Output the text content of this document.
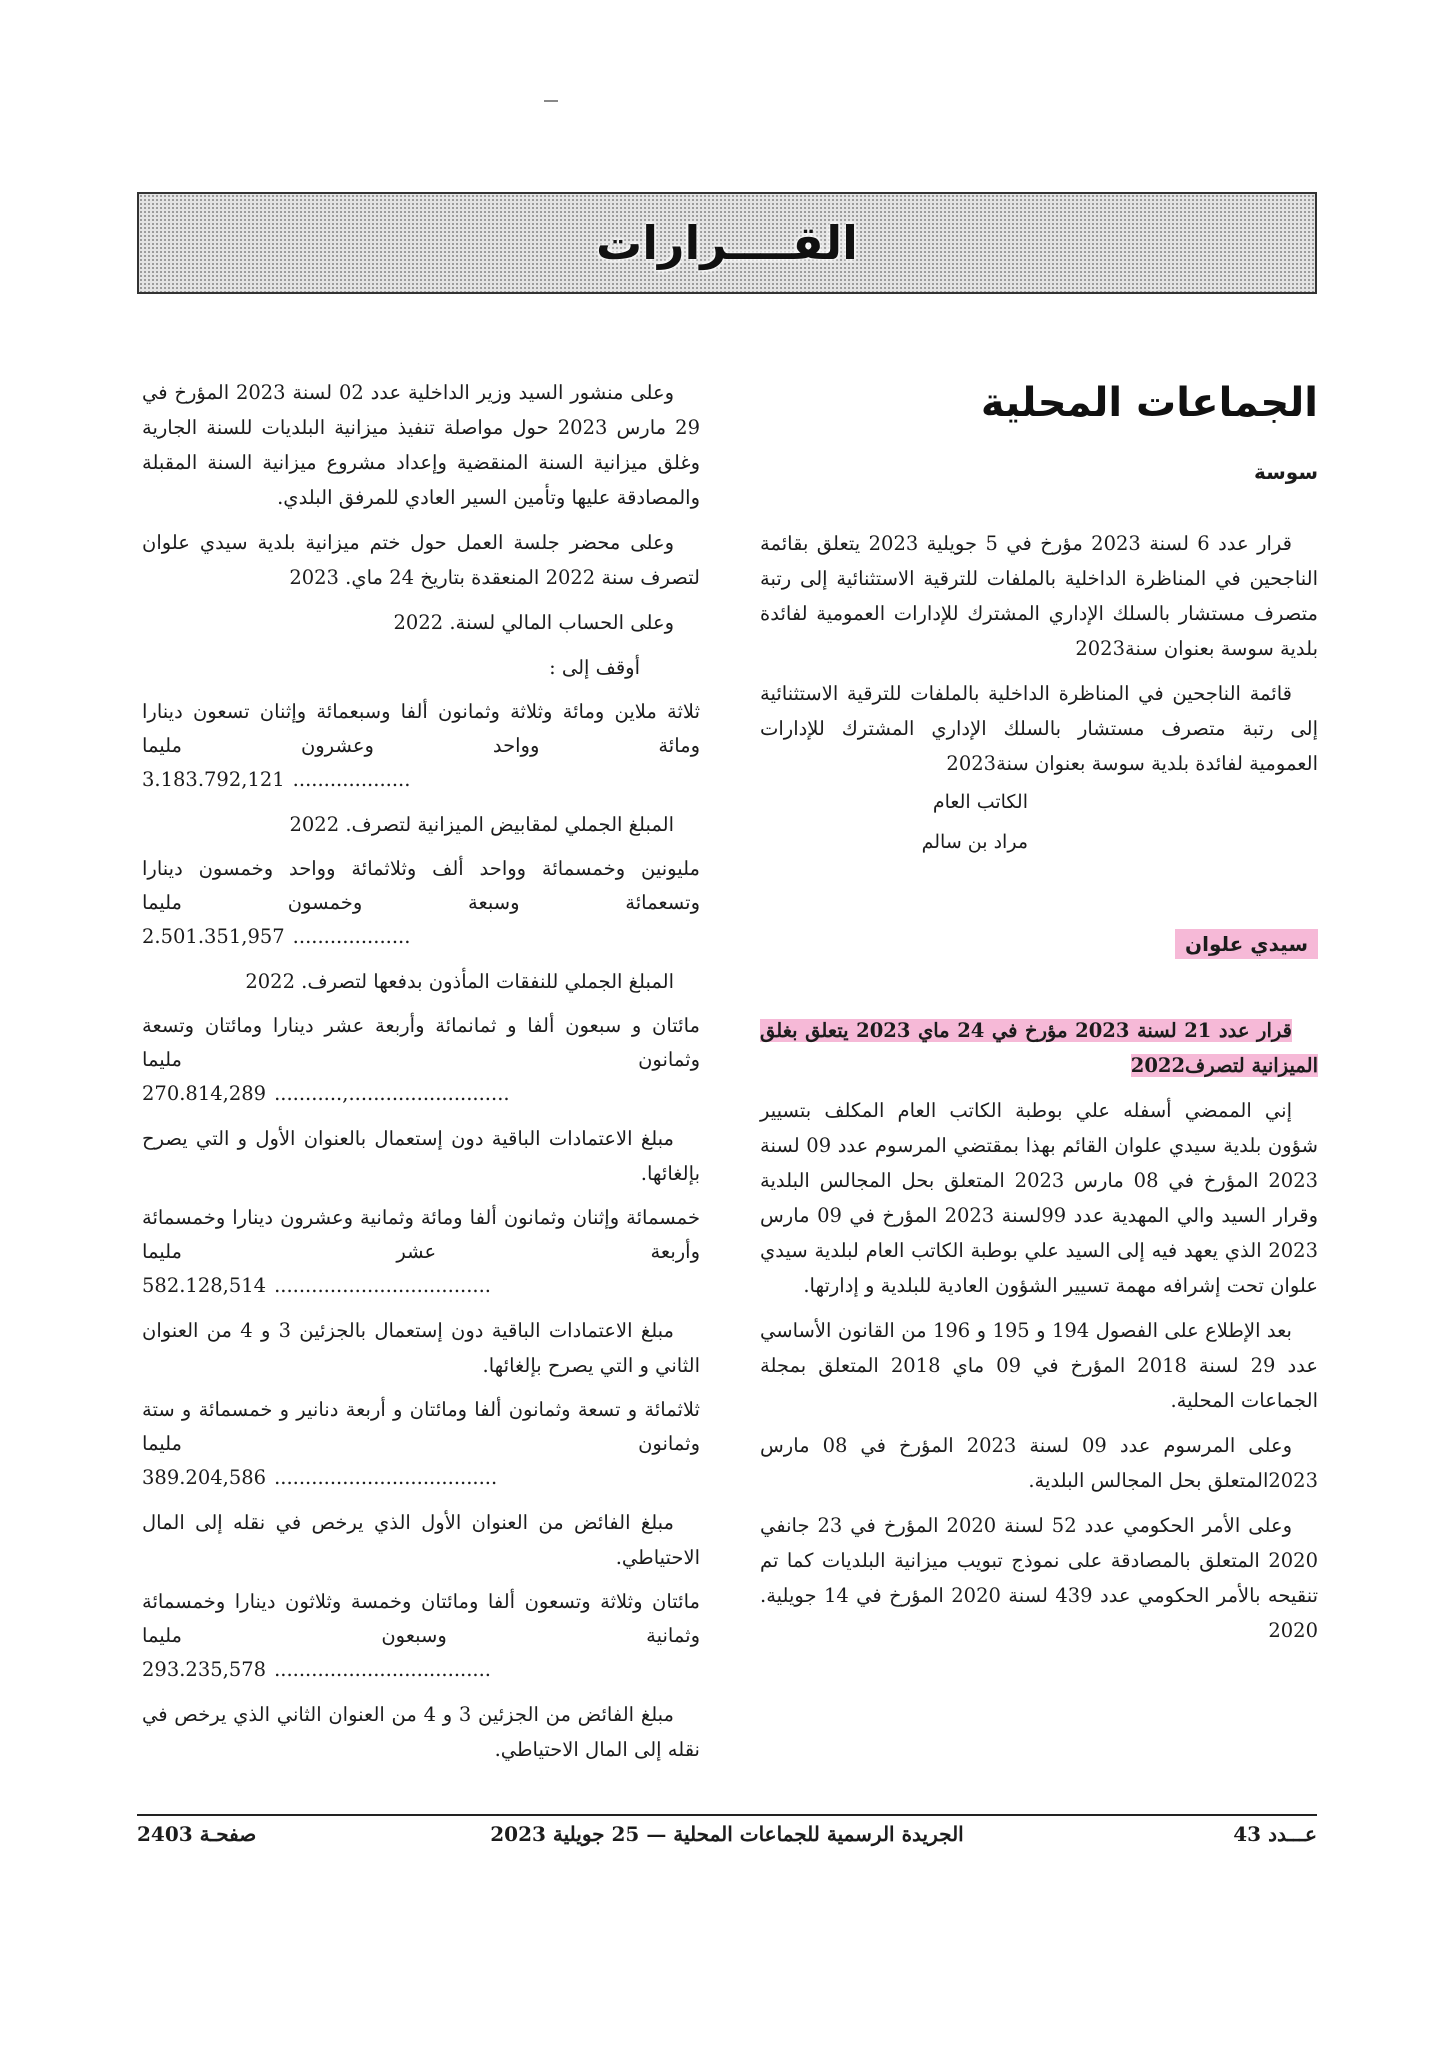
القــــرارات
الجماعات المحلية
سوسة

قرار عدد 6 لسنة 2023 مؤرخ في 5 جويلية 2023 يتعلق بقائمة الناجحين في المناظرة الداخلية بالملفات للترقية الاستثنائية إلى رتبة متصرف مستشار بالسلك الإداري المشترك للإدارات العمومية لفائدة بلدية سوسة بعنوان سنة2023

قائمة الناجحين في المناظرة الداخلية بالملفات للترقية الاستثنائية إلى رتبة متصرف مستشار بالسلك الإداري المشترك للإدارات العمومية لفائدة بلدية سوسة بعنوان سنة2023

الكاتب العام

مراد بن سالم

سيدي علوان

قرار عدد 21 لسنة 2023 مؤرخ في 24 ماي 2023 يتعلق بغلق الميزانية لتصرف2022

إني الممضي أسفله علي بوطبة الكاتب العام المكلف بتسيير شؤون بلدية سيدي علوان القائم بهذا بمقتضي المرسوم عدد 09 لسنة 2023 المؤرخ في 08 مارس 2023 المتعلق بحل المجالس البلدية وقرار السيد والي المهدية عدد 99لسنة 2023 المؤرخ في 09 مارس 2023 الذي يعهد فيه إلى السيد علي بوطبة الكاتب العام لبلدية سيدي علوان تحت إشرافه مهمة تسيير الشؤون العادية للبلدية و إدارتها.

بعد الإطلاع على الفصول 194 و 195 و 196 من القانون الأساسي عدد 29 لسنة 2018 المؤرخ في 09 ماي 2018 المتعلق بمجلة الجماعات المحلية.

وعلى المرسوم عدد 09 لسنة 2023 المؤرخ في 08 مارس 2023المتعلق بحل المجالس البلدية.

وعلى الأمر الحكومي عدد 52 لسنة 2020 المؤرخ في 23 جانفي 2020 المتعلق بالمصادقة على نموذج تبويب ميزانية البلديات كما تم تنقيحه بالأمر الحكومي عدد 439 لسنة 2020 المؤرخ في 14 جويلية. 2020

وعلى منشور السيد وزير الداخلية عدد 02 لسنة 2023 المؤرخ في 29 مارس 2023 حول مواصلة تنفيذ ميزانية البلديات للسنة الجارية وغلق ميزانية السنة المنقضية وإعداد مشروع ميزانية السنة المقبلة والمصادقة عليها وتأمين السير العادي للمرفق البلدي.

وعلى محضر جلسة العمل حول ختم ميزانية بلدية سيدي علوان لتصرف سنة 2022 المنعقدة بتاريخ 24 ماي. 2023

وعلى الحساب المالي لسنة. 2022

أوقف إلى :

ثلاثة ملاين ومائة وثلاثة وثمانون ألفا وسبعمائة وإثنان تسعون دينارا ومائة وواحد وعشرون مليما

3.183.792,121 ...................

المبلغ الجملي لمقابيض الميزانية لتصرف. 2022

مليونين وخمسمائة وواحد ألف وثلاثمائة وواحد وخمسون دينارا وتسعمائة وسبعة وخمسون مليما

2.501.351,957 ...................

المبلغ الجملي للنفقات المأذون بدفعها لتصرف. 2022

مائتان و سبعون ألفا و ثمانمائة وأربعة عشر دينارا ومائتان وتسعة وثمانون مليما

270.814,289 ...........,..........................

مبلغ الاعتمادات الباقية دون إستعمال بالعنوان الأول و التي يصرح بإلغائها.

خمسمائة وإثنان وثمانون ألفا ومائة وثمانية وعشرون دينارا وخمسمائة وأربعة عشر مليما

582.128,514 ...................................

مبلغ الاعتمادات الباقية دون إستعمال بالجزئين 3 و 4 من العنوان الثاني و التي يصرح بإلغائها.

ثلاثمائة و تسعة وثمانون ألفا ومائتان و أربعة دنانير و خمسمائة و ستة وثمانون مليما

389.204,586 ....................................

مبلغ الفائض من العنوان الأول الذي يرخص في نقله إلى المال الاحتياطي.

مائتان وثلاثة وتسعون ألفا ومائتان وخمسة وثلاثون دينارا وخمسمائة وثمانية وسبعون مليما

293.235,578 ...................................

مبلغ الفائض من الجزئين 3 و 4 من العنوان الثاني الذي يرخص في نقله إلى المال الاحتياطي.

عـــدد 43
الجريدة الرسمية للجماعات المحلية — 25 جويلية 2023
صفحـة 2403
